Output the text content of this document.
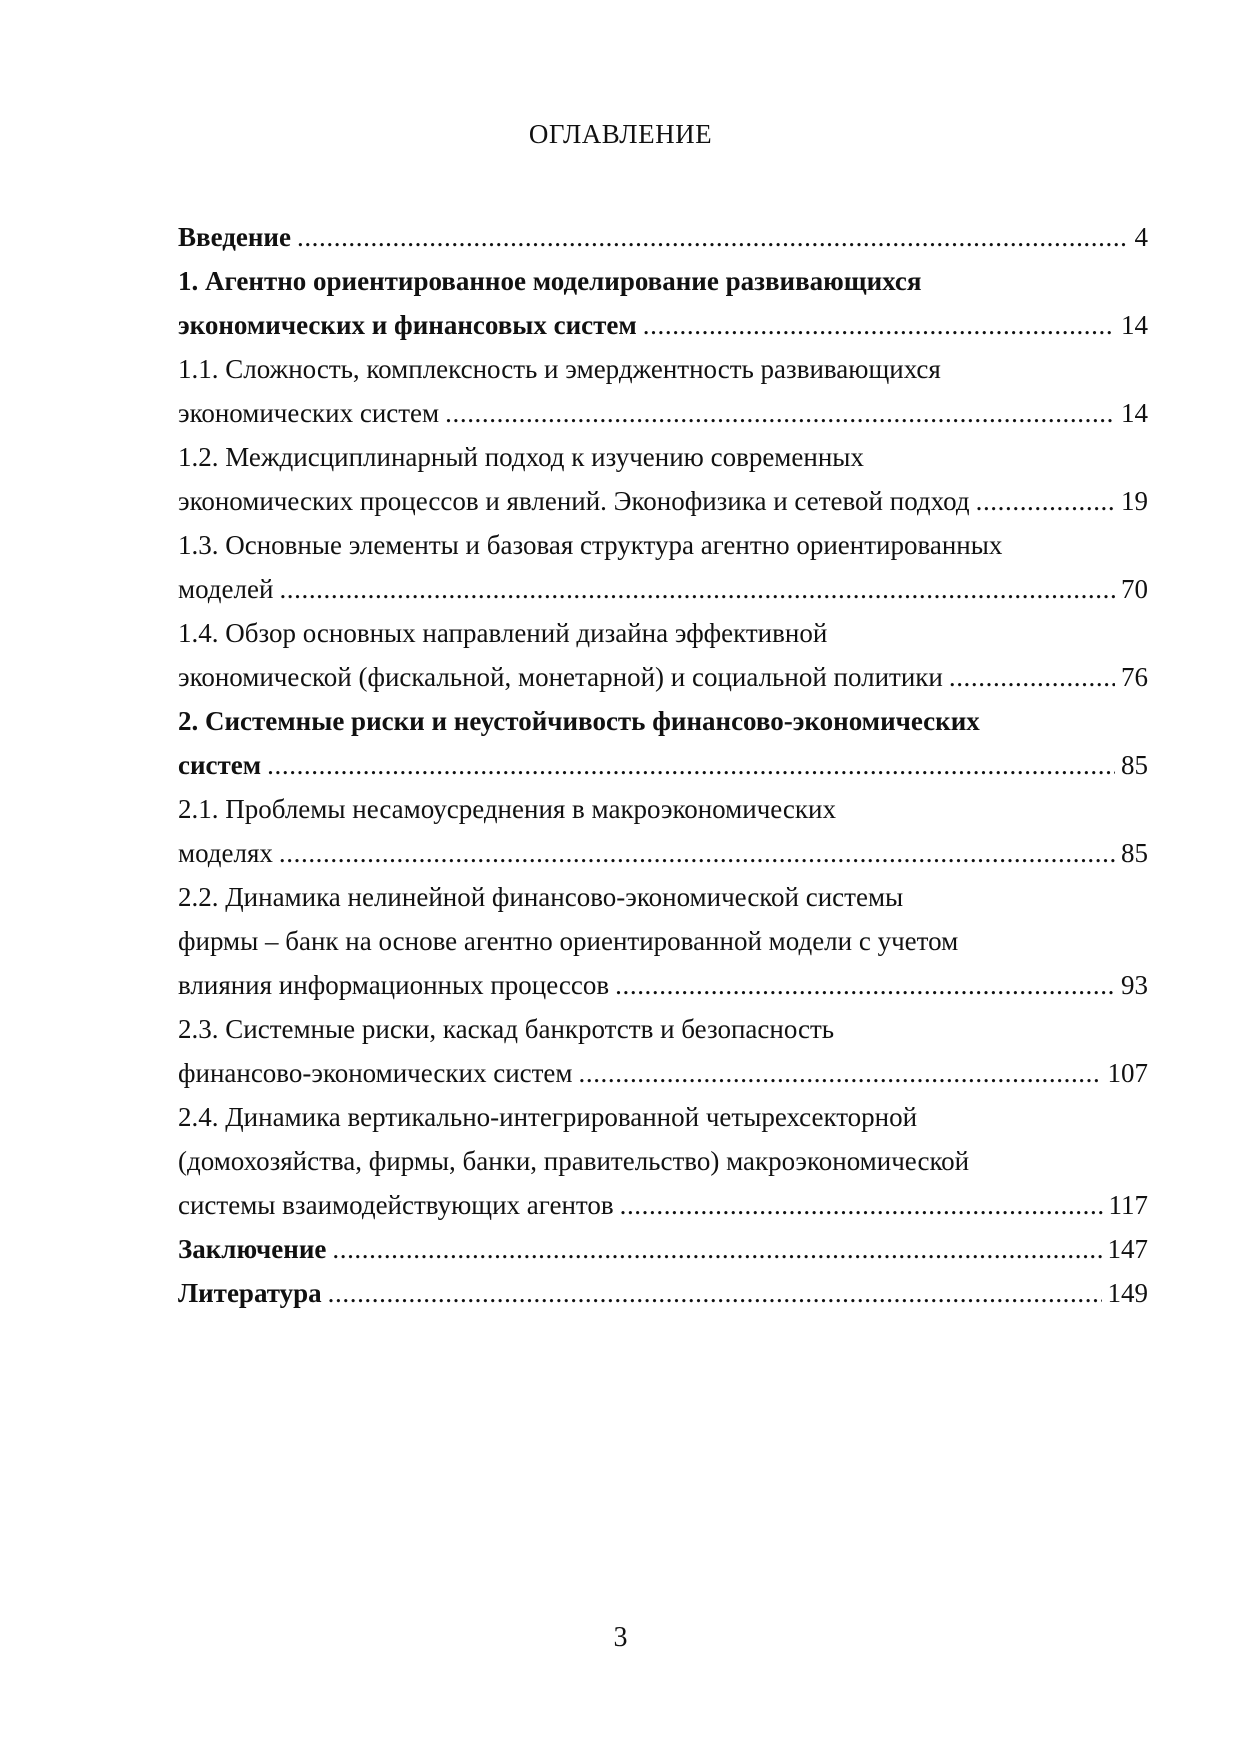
ОГЛАВЛЕНИЕ
Введение .....	4
1. Агентно ориентированное моделирование развивающихся
экономических и финансовых систем .....	14
1.1. Сложность, комплексность и эмерджентность развивающихся
экономических систем .....	14
1.2. Междисциплинарный подход к изучению современных
экономических процессов и явлений. Эконофизика и сетевой подход .....	19
1.3. Основные элементы и базовая структура агентно ориентированных
моделей .....	70
1.4. Обзор основных направлений дизайна эффективной
экономической (фискальной, монетарной) и социальной политики .....	76
2. Системные риски и неустойчивость финансово-экономических
систем .....	85
2.1. Проблемы несамоусреднения в макроэкономических
моделях .....	85
2.2. Динамика нелинейной финансово-экономической системы
фирмы – банк на основе агентно ориентированной модели с учетом
влияния информационных процессов .....	93
2.3. Системные риски, каскад банкротств и безопасность
финансово-экономических систем .....	107
2.4. Динамика вертикально-интегрированной четырехсекторной
(домохозяйства, фирмы, банки, правительство) макроэкономической
системы взаимодействующих агентов .....	117
Заключение .....	147
Литература .....	149
3
